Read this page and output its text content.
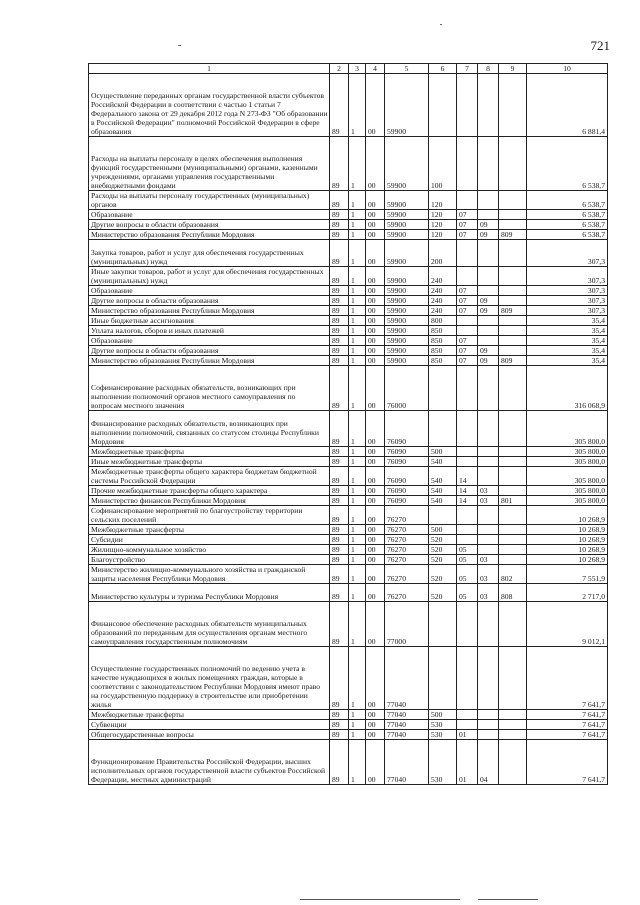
721
1	2	3	4	5	6	7	8	9	10
Осуществление переданных органам государственной власти субъектов Российской Федерации в соответствии с частью 1 статьи 7 Федерального закона от 29 декабря 2012 года N 273-ФЗ "Об образовании в Российской Федерации" полномочий Российской Федерации в сфере образования	89	1	00	59900					6 881,4
Расходы на выплаты персоналу в целях обеспечения выполнения функций государственными (муниципальными) органами, казенными учреждениями, органами управления государственными внебюджетными фондами	89	1	00	59900	100				6 538,7
Расходы на выплаты персоналу государственных (муниципальных) органов	89	1	00	59900	120				6 538,7
Образование	89	1	00	59900	120	07			6 538,7
Другие вопросы в области образования	89	1	00	59900	120	07	09		6 538,7
Министерство образования Республики Мордовия	89	1	00	59900	120	07	09	809	6 538,7
Закупка товаров, работ и услуг для обеспечения государственных (муниципальных) нужд	89	1	00	59900	200				307,3
Иные закупки товаров, работ и услуг для обеспечения государственных (муниципальных) нужд	89	1	00	59900	240				307,3
Образование	89	1	00	59900	240	07			307,3
Другие вопросы в области образования	89	1	00	59900	240	07	09		307,3
Министерство образования Республики Мордовия	89	1	00	59900	240	07	09	809	307,3
Иные бюджетные ассигнования	89	1	00	59900	800				35,4
Уплата налогов, сборов и иных платежей	89	1	00	59900	850				35,4
Образование	89	1	00	59900	850	07			35,4
Другие вопросы в области образования	89	1	00	59900	850	07	09		35,4
Министерство образования Республики Мордовия	89	1	00	59900	850	07	09	809	35,4
Софинансирование расходных обязательств, возникающих при выполнении полномочий органов местного самоуправления по вопросам местного значения	89	1	00	76000					316 068,9
Финансирование расходных обязательств, возникающих при выполнении полномочий, связанных со статусом столицы Республики Мордовия	89	1	00	76090					305 800,0
Межбюджетные трансферты	89	1	00	76090	500				305 800,0
Иные межбюджетные трансферты	89	1	00	76090	540				305 800,0
Межбюджетные трансферты общего характера бюджетам бюджетной системы Российской Федерации	89	1	00	76090	540	14			305 800,0
Прочие межбюджетные трансферты общего характера	89	1	00	76090	540	14	03		305 800,0
Министерство финансов Республики Мордовия	89	1	00	76090	540	14	03	801	305 800,0
Софинансирование мероприятий по благоустройству территории сельских поселений	89	1	00	76270					10 268,9
Межбюджетные трансферты	89	1	00	76270	500				10 268,9
Субсидии	89	1	00	76270	520				10 268,9
Жилищно-коммунальное хозяйство	89	1	00	76270	520	05			10 268,9
Благоустройство	89	1	00	76270	520	05	03		10 268,9
Министерство жилищно-коммунального хозяйства и гражданской защиты населения Республики Мордовия	89	1	00	76270	520	05	03	802	7 551,9
Министерство культуры и туризма Республики Мордовия	89	1	00	76270	520	05	03	808	2 717,0
Финансовое обеспечение расходных обязательств муниципальных образований по переданным для осуществления органам местного самоуправления государственным полномочиям	89	1	00	77000					9 012,1
Осуществление государственных полномочий по ведению учета в качестве нуждающихся в жилых помещениях граждан, которые в соответствии с законодательством Республики Мордовия имеют право на государственную поддержку в строительстве или приобретении жилья	89	1	00	77040					7 641,7
Межбюджетные трансферты	89	1	00	77040	500				7 641,7
Субвенции	89	1	00	77040	530				7 641,7
Общегосударственные вопросы	89	1	00	77040	530	01			7 641,7
Функционирование Правительства Российской Федерации, высших исполнительных органов государственной власти субъектов Российской Федерации, местных администраций	89	1	00	77040	530	01	04		7 641,7
